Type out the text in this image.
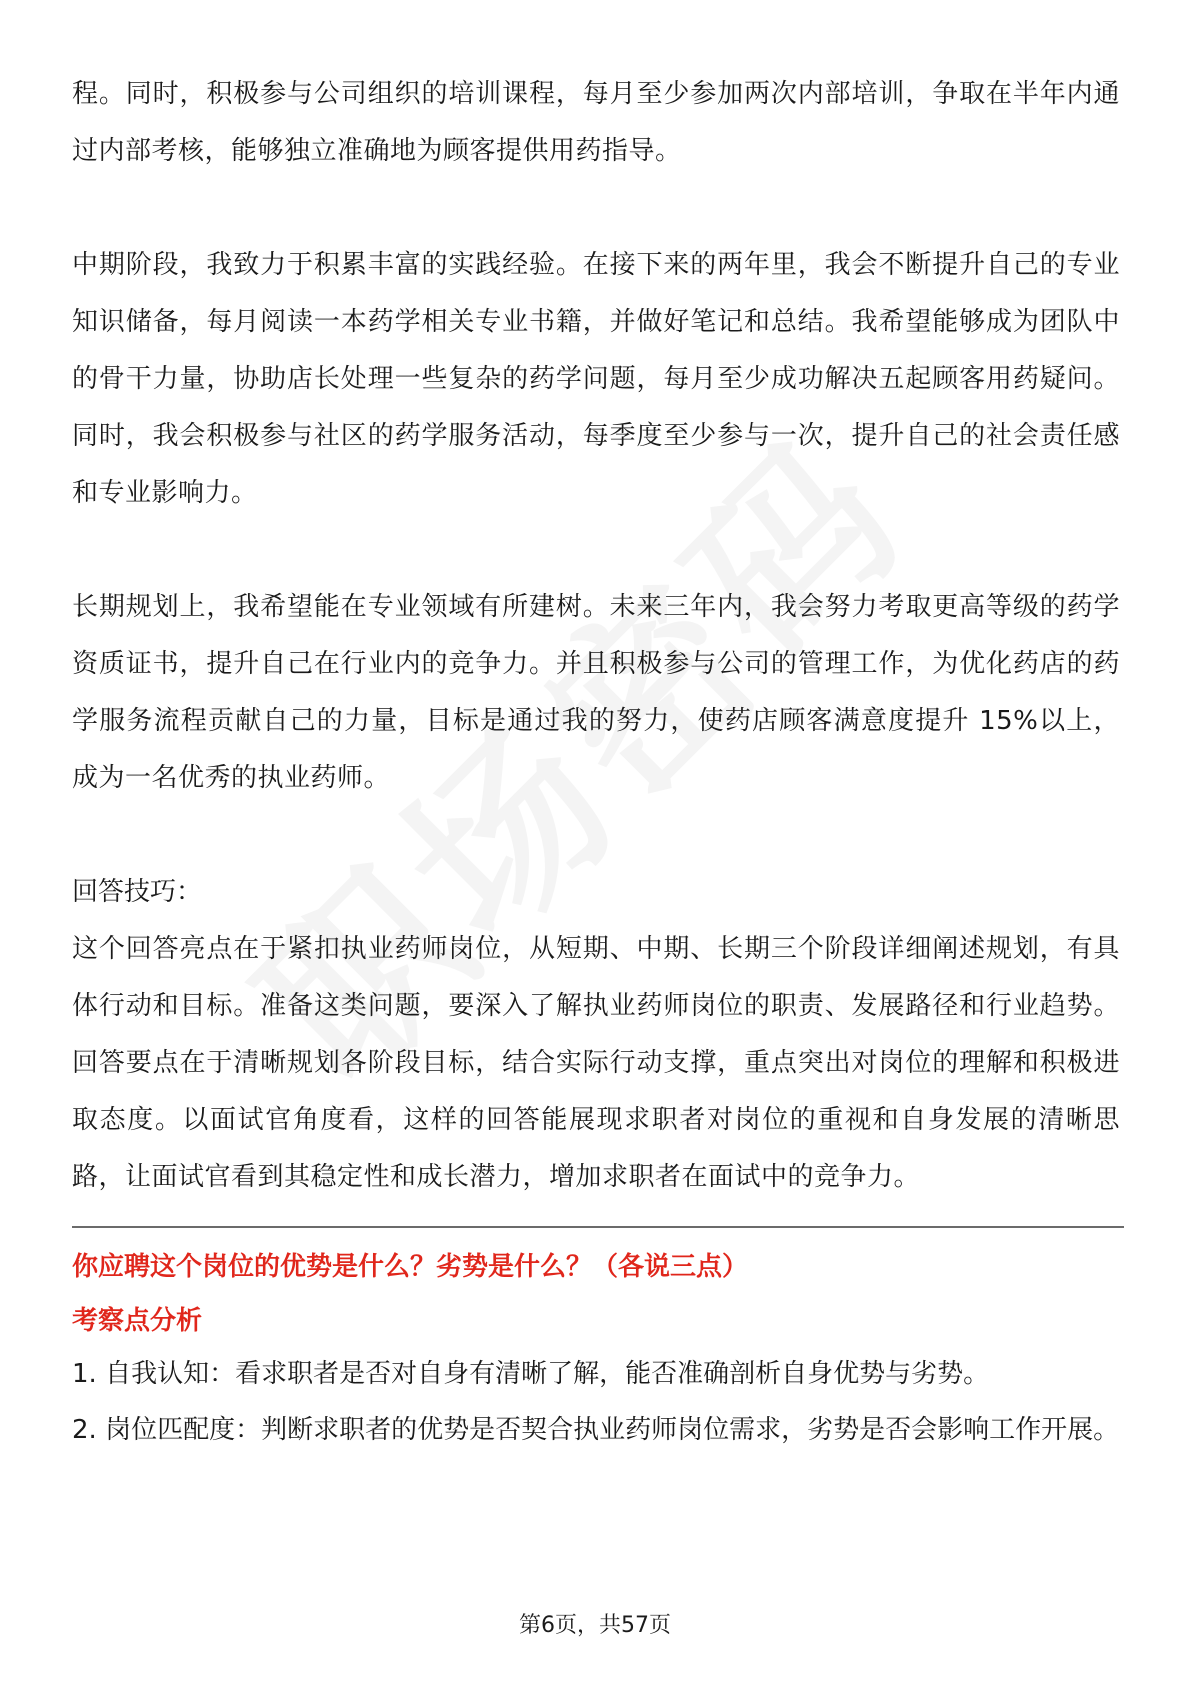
程。同时，积极参与公司组织的培训课程，每月至少参加两次内部培训，争取在半年内通过内部考核，能够独立准确地为顾客提供用药指导。

中期阶段，我致力于积累丰富的实践经验。在接下来的两年里，我会不断提升自己的专业知识储备，每月阅读一本药学相关专业书籍，并做好笔记和总结。我希望能够成为团队中的骨干力量，协助店长处理一些复杂的药学问题，每月至少成功解决五起顾客用药疑问。同时，我会积极参与社区的药学服务活动，每季度至少参与一次，提升自己的社会责任感和专业影响力。

长期规划上，我希望能在专业领域有所建树。未来三年内，我会努力考取更高等级的药学资质证书，提升自己在行业内的竞争力。并且积极参与公司的管理工作，为优化药店的药学服务流程贡献自己的力量，目标是通过我的努力，使药店顾客满意度提升 15%以上，成为一名优秀的执业药师。

回答技巧：

这个回答亮点在于紧扣执业药师岗位，从短期、中期、长期三个阶段详细阐述规划，有具体行动和目标。准备这类问题，要深入了解执业药师岗位的职责、发展路径和行业趋势。回答要点在于清晰规划各阶段目标，结合实际行动支撑，重点突出对岗位的理解和积极进取态度。以面试官角度看，这样的回答能展现求职者对岗位的重视和自身发展的清晰思路，让面试官看到其稳定性和成长潜力，增加求职者在面试中的竞争力。

你应聘这个岗位的优势是什么？劣势是什么？（各说三点）

考察点分析

1. 自我认知：看求职者是否对自身有清晰了解，能否准确剖析自身优势与劣势。

2. 岗位匹配度：判断求职者的优势是否契合执业药师岗位需求，劣势是否会影响工作开展。

第6页，共57页
